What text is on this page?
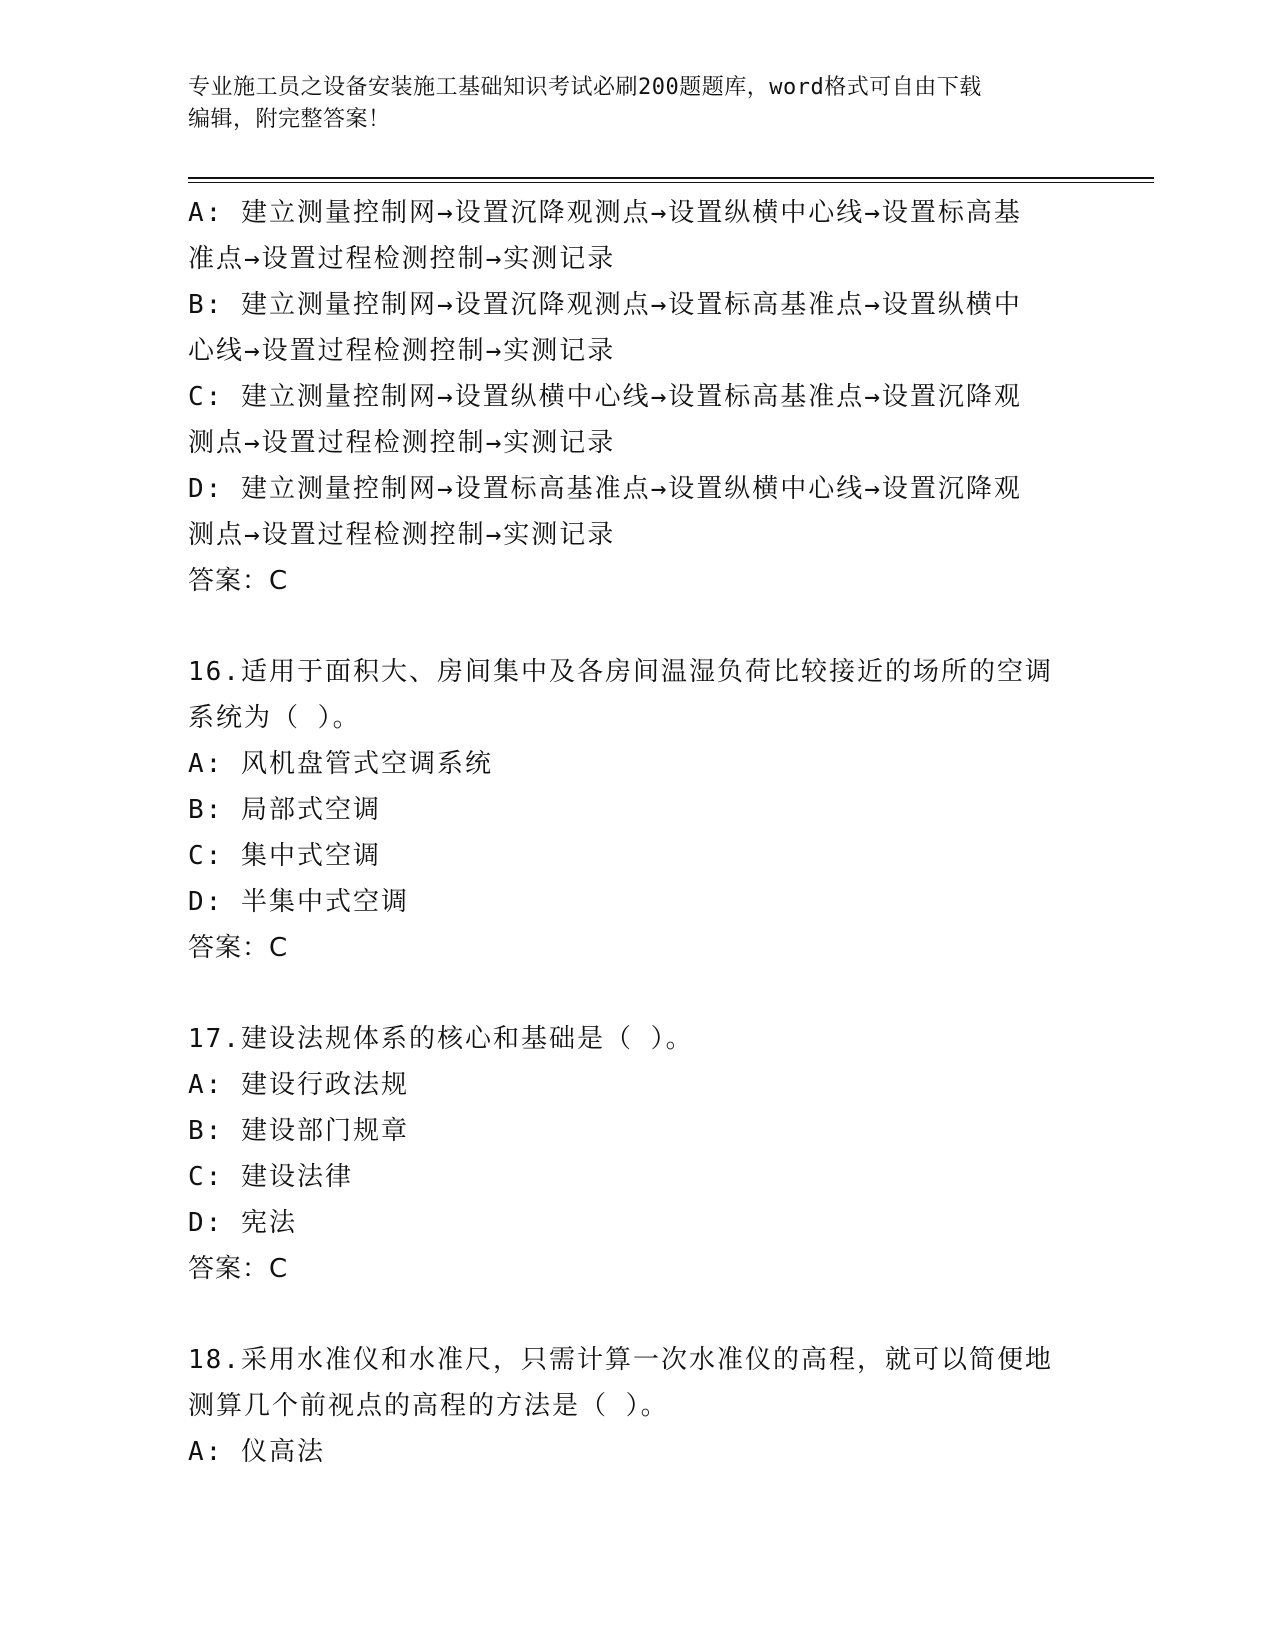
专业施工员之设备安装施工基础知识考试必刷200题题库，word格式可自由下载
编辑，附完整答案！
A: 建立测量控制网→设置沉降观测点→设置纵横中心线→设置标高基
准点→设置过程检测控制→实测记录
B: 建立测量控制网→设置沉降观测点→设置标高基准点→设置纵横中
心线→设置过程检测控制→实测记录
C: 建立测量控制网→设置纵横中心线→设置标高基准点→设置沉降观
测点→设置过程检测控制→实测记录
D: 建立测量控制网→设置标高基准点→设置纵横中心线→设置沉降观
测点→设置过程检测控制→实测记录
答案：C
16.适用于面积大、房间集中及各房间温湿负荷比较接近的场所的空调
系统为（ ）。
A: 风机盘管式空调系统
B: 局部式空调
C: 集中式空调
D: 半集中式空调
答案：C
17.建设法规体系的核心和基础是（ ）。
A: 建设行政法规
B: 建设部门规章
C: 建设法律
D: 宪法
答案：C
18.采用水准仪和水准尺，只需计算一次水准仪的高程，就可以简便地
测算几个前视点的高程的方法是（ ）。
A: 仪高法
